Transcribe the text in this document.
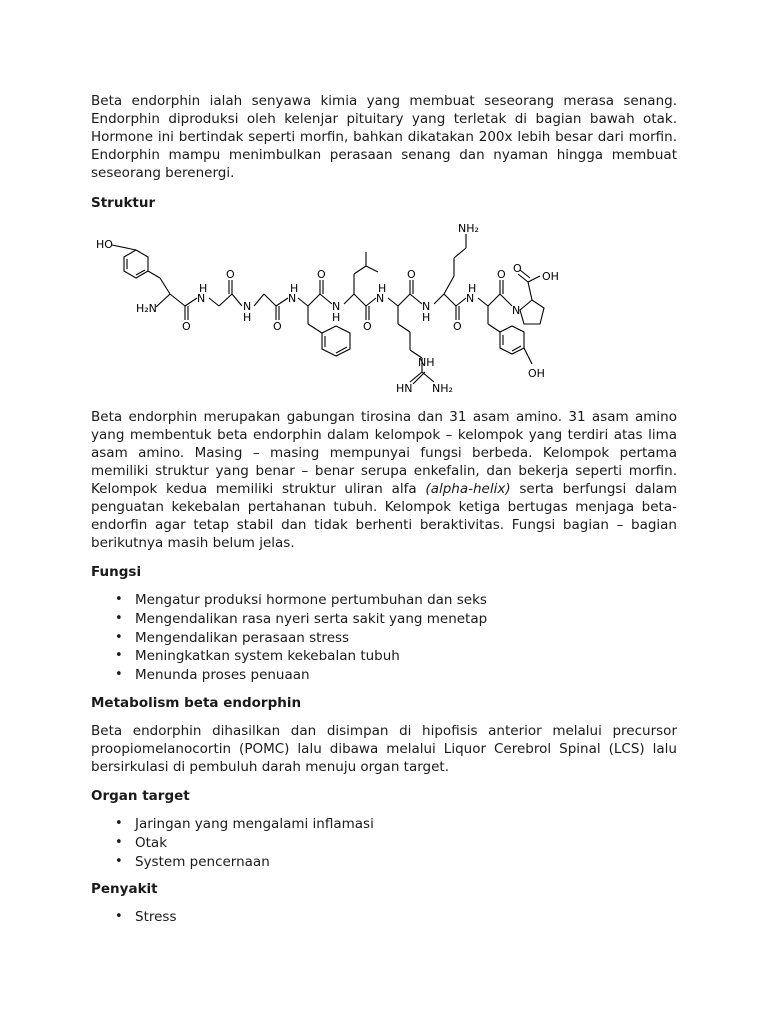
Beta endorphin ialah senyawa kimia yang membuat seseorang merasa senang. Endorphin diproduksi oleh kelenjar pituitary yang terletak di bagian bawah otak. Hormone ini bertindak seperti morfin, bahkan dikatakan 200x lebih besar dari morfin. Endorphin mampu menimbulkan perasaan senang dan nyaman hingga membuat seseorang berenergi.

Struktur
HO
H₂N
O
N
H
O
N
H
O
N
H
O
N
H
O
N
H
O
N
H
O
N
H
O
N
O
OH
NH₂
NH
HN NH₂
OH

Beta endorphin merupakan gabungan tirosina dan 31 asam amino. 31 asam amino yang membentuk beta endorphin dalam kelompok – kelompok yang terdiri atas lima asam amino. Masing – masing mempunyai fungsi berbeda. Kelompok pertama memiliki struktur yang benar – benar serupa enkefalin, dan bekerja seperti morfin. Kelompok kedua memiliki struktur uliran alfa (alpha-helix) serta berfungsi dalam penguatan kekebalan pertahanan tubuh. Kelompok ketiga bertugas menjaga beta-endorfin agar tetap stabil dan tidak berhenti beraktivitas. Fungsi bagian – bagian berikutnya masih belum jelas.

Fungsi
• Mengatur produksi hormone pertumbuhan dan seks
• Mengendalikan rasa nyeri serta sakit yang menetap
• Mengendalikan perasaan stress
• Meningkatkan system kekebalan tubuh
• Menunda proses penuaan
Metabolism beta endorphin

Beta endorphin dihasilkan dan disimpan di hipofisis anterior melalui precursor proopiomelanocortin (POMC) lalu dibawa melalui Liquor Cerebrol Spinal (LCS) lalu bersirkulasi di pembuluh darah menuju organ target.

Organ target
• Jaringan yang mengalami inflamasi
• Otak
• System pencernaan
Penyakit
• Stress
